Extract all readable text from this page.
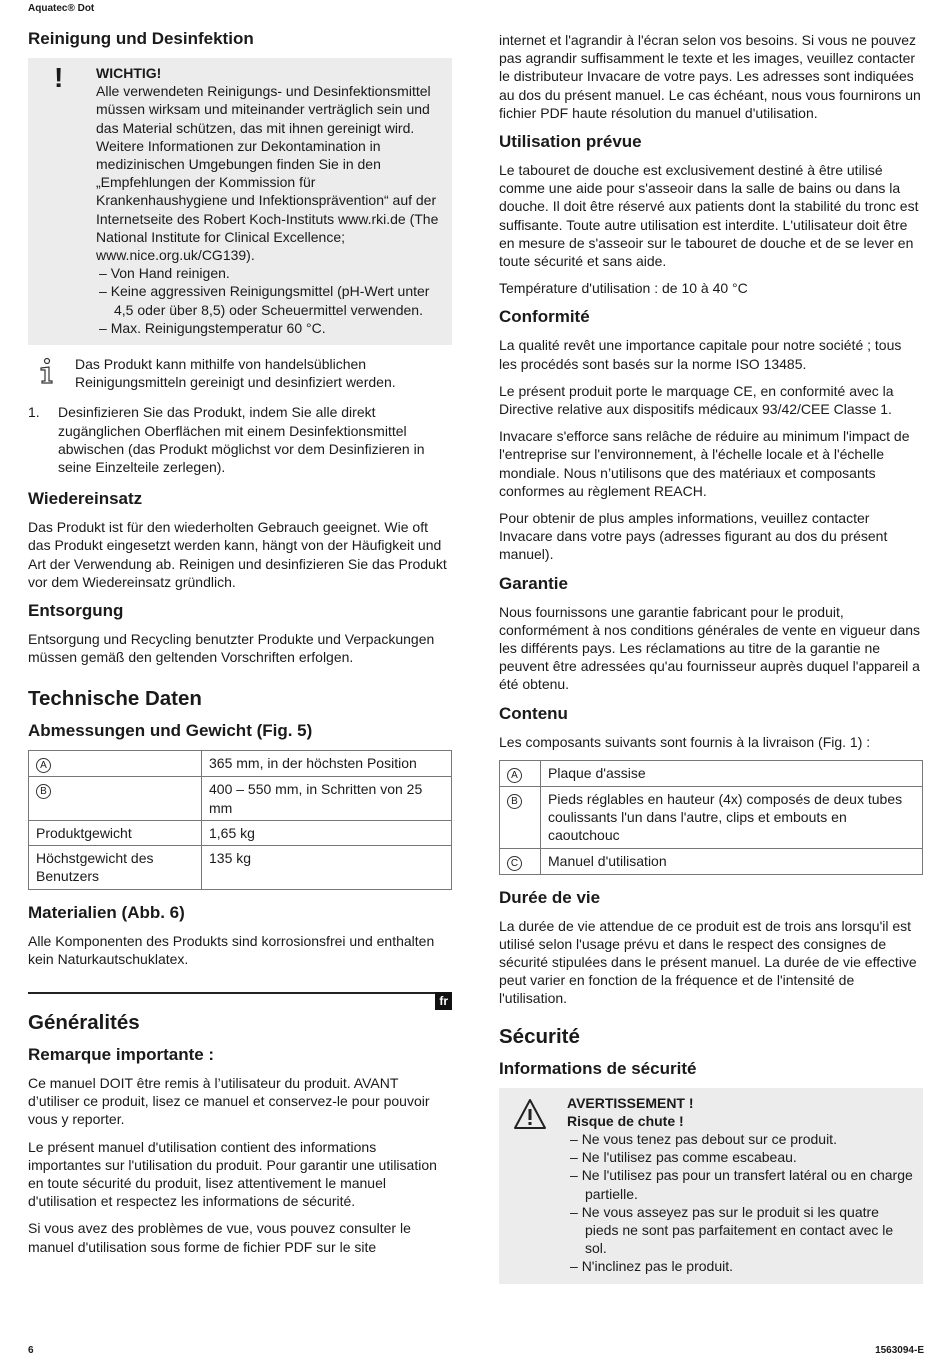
Aquatec® Dot
Reinigung und Desinfektion
! WICHTIG!
Alle verwendeten Reinigungs- und Desinfektionsmittel müssen wirksam und miteinander verträglich sein und das Material schützen, das mit ihnen gereinigt wird. Weitere Informationen zur Dekontamination in medizinischen Umgebungen finden Sie in den „Empfehlungen der Kommission für Krankenhaushygiene und Infektionsprävention“ auf der Internetseite des Robert Koch-Instituts www.rki.de (The National Institute for Clinical Excellence; www.nice.org.uk/CG139).
– Von Hand reinigen.
– Keine aggressiven Reinigungsmittel (pH-Wert unter 4,5 oder über 8,5) oder Scheuermittel verwenden.
– Max. Reinigungstemperatur 60 °C.
Das Produkt kann mithilfe von handelsüblichen Reinigungsmitteln gereinigt und desinfiziert werden.
1. Desinfizieren Sie das Produkt, indem Sie alle direkt zugänglichen Oberflächen mit einem Desinfektionsmittel abwischen (das Produkt möglichst vor dem Desinfizieren in seine Einzelteile zerlegen).
Wiedereinsatz
Das Produkt ist für den wiederholten Gebrauch geeignet. Wie oft das Produkt eingesetzt werden kann, hängt von der Häufigkeit und Art der Verwendung ab. Reinigen und desinfizieren Sie das Produkt vor dem Wiedereinsatz gründlich.
Entsorgung
Entsorgung und Recycling benutzter Produkte und Verpackungen müssen gemäß den geltenden Vorschriften erfolgen.
Technische Daten
Abmessungen und Gewicht (Fig. 5)
A	365 mm, in der höchsten Position
B	400 – 550 mm, in Schritten von 25 mm
Produktgewicht	1,65 kg
Höchstgewicht des Benutzers	135 kg
Materialien (Abb. 6)
Alle Komponenten des Produkts sind korrosionsfrei und enthalten kein Naturkautschuklatex.
fr
Généralités
Remarque importante :
Ce manuel DOIT être remis à l’utilisateur du produit. AVANT d’utiliser ce produit, lisez ce manuel et conservez-le pour pouvoir vous y reporter.
Le présent manuel d'utilisation contient des informations importantes sur l'utilisation du produit. Pour garantir une utilisation en toute sécurité du produit, lisez attentivement le manuel d'utilisation et respectez les informations de sécurité.
Si vous avez des problèmes de vue, vous pouvez consulter le manuel d'utilisation sous forme de fichier PDF sur le site
internet et l'agrandir à l'écran selon vos besoins. Si vous ne pouvez pas agrandir suffisamment le texte et les images, veuillez contacter le distributeur Invacare de votre pays. Les adresses sont indiquées au dos du présent manuel. Le cas échéant, nous vous fournirons un fichier PDF haute résolution du manuel d'utilisation.
Utilisation prévue
Le tabouret de douche est exclusivement destiné à être utilisé comme une aide pour s'asseoir dans la salle de bains ou dans la douche. Il doit être réservé aux patients dont la stabilité du tronc est suffisante. Toute autre utilisation est interdite. L'utilisateur doit être en mesure de s'asseoir sur le tabouret de douche et de se lever en toute sécurité et sans aide.
Température d'utilisation : de 10 à 40 °C
Conformité
La qualité revêt une importance capitale pour notre société ; tous les procédés sont basés sur la norme ISO 13485.
Le présent produit porte le marquage CE, en conformité avec la Directive relative aux dispositifs médicaux 93/42/CEE Classe 1.
Invacare s'efforce sans relâche de réduire au minimum l'impact de l'entreprise sur l'environnement, à l'échelle locale et à l'échelle mondiale. Nous n’utilisons que des matériaux et composants conformes au règlement REACH.
Pour obtenir de plus amples informations, veuillez contacter Invacare dans votre pays (adresses figurant au dos du présent manuel).
Garantie
Nous fournissons une garantie fabricant pour le produit, conformément à nos conditions générales de vente en vigueur dans les différents pays. Les réclamations au titre de la garantie ne peuvent être adressées qu'au fournisseur auprès duquel l'appareil a été obtenu.
Contenu
Les composants suivants sont fournis à la livraison (Fig. 1) :
A	Plaque d'assise
B	Pieds réglables en hauteur (4x) composés de deux tubes coulissants l'un dans l'autre, clips et embouts en caoutchouc
C	Manuel d'utilisation
Durée de vie
La durée de vie attendue de ce produit est de trois ans lorsqu'il est utilisé selon l'usage prévu et dans le respect des consignes de sécurité stipulées dans le présent manuel. La durée de vie effective peut varier en fonction de la fréquence et de l'intensité de l'utilisation.
Sécurité
Informations de sécurité
AVERTISSEMENT !
Risque de chute !
– Ne vous tenez pas debout sur ce produit.
– Ne l'utilisez pas comme escabeau.
– Ne l'utilisez pas pour un transfert latéral ou en charge partielle.
– Ne vous asseyez pas sur le produit si les quatre pieds ne sont pas parfaitement en contact avec le sol.
– N'inclinez pas le produit.
6	1563094-E
